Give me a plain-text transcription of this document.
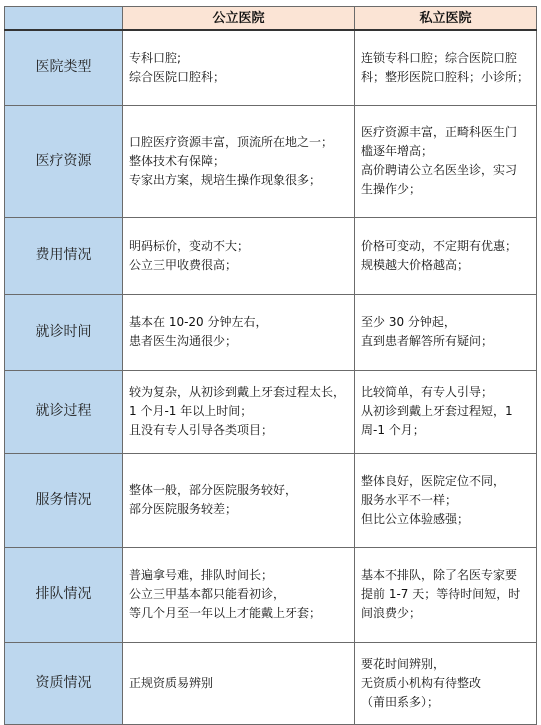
	公立医院	私立医院
医院类型	专科口腔;
综合医院口腔科；	连锁专科口腔；综合医院口腔
科；整形医院口腔科；小诊所；

医疗资源	口腔医疗资源丰富，顶流所在地之一；
整体技术有保障；
专家出方案，规培生操作现象很多；	医疗资源丰富，正畸科医生门
槛逐年增高；
高价聘请公立名医坐诊，实习
生操作少；

费用情况	明码标价，变动不大；
公立三甲收费很高；	价格可变动，不定期有优惠；
规模越大价格越高；

就诊时间	基本在 10-20 分钟左右，
患者医生沟通很少；	至少 30 分钟起，
直到患者解答所有疑问；

就诊过程	较为复杂，从初诊到戴上牙套过程太长，
1 个月-1 年以上时间；
且没有专人引导各类项目；	比较简单，有专人引导；
从初诊到戴上牙套过程短，1
周-1 个月；

服务情况	整体一般，部分医院服务较好，
部分医院服务较差；	整体良好，医院定位不同，
服务水平不一样；
但比公立体验感强；

排队情况	普遍拿号难，排队时间长；
公立三甲基本都只能看初诊，
等几个月至一年以上才能戴上牙套；	基本不排队，除了名医专家要
提前 1-7 天；等待时间短，时
间浪费少；

资质情况	正规资质易辨别	要花时间辨别，
无资质小机构有待整改
（莆田系多）；
